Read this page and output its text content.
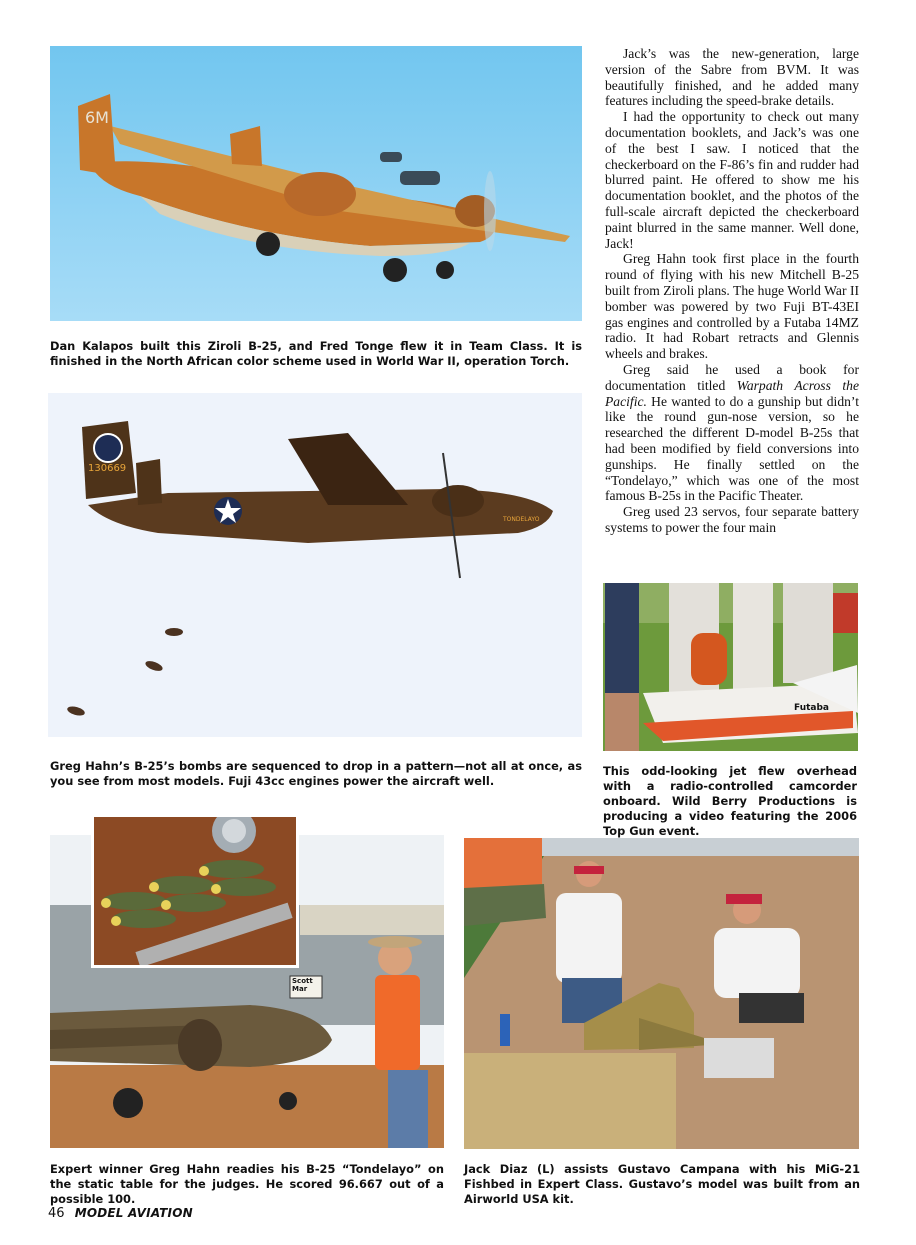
6M

Dan Kalapos built this Ziroli B-25, and Fred Tonge flew it in Team Class. It is finished in the North African color scheme used in World War II, operation Torch.

130669
TONDELAYO

Greg Hahn’s B-25’s bombs are sequenced to drop in a pattern—not all at once, as you see from most models. Fuji 43cc engines power the aircraft well.

Jack’s was the new-generation, large version of the Sabre from BVM. It was beautifully finished, and he added many features including the speed-brake details.

I had the opportunity to check out many documentation booklets, and Jack’s was one of the best I saw. I noticed that the checkerboard on the F-86’s fin and rudder had blurred paint. He offered to show me his documentation booklet, and the photos of the full-scale aircraft depicted the checkerboard paint blurred in the same manner. Well done, Jack!

Greg Hahn took first place in the fourth round of flying with his new Mitchell B-25 built from Ziroli plans. The huge World War II bomber was powered by two Fuji BT-43EI gas engines and controlled by a Futaba 14MZ radio. It had Robart retracts and Glennis wheels and brakes.

Greg said he used a book for documentation titled Warpath Across the Pacific. He wanted to do a gunship but didn’t like the round gun-nose version, so he researched the different D-model B-25s that had been modified by field conversions into gunships. He finally settled on the “Tondelayo,” which was one of the most famous B-25s in the Pacific Theater.

Greg used 23 servos, four separate battery systems to power the four main

Futaba

This odd-looking jet flew overhead with a radio-controlled camcorder onboard. Wild Berry Productions is producing a video featuring the 2006 Top Gun event.

Scott Mar

Expert winner Greg Hahn readies his B-25 “Tondelayo” on the static table for the judges. He scored 96.667 out of a possible 100.

Jack Diaz (L) assists Gustavo Campana with his MiG-21 Fishbed in Expert Class. Gustavo’s model was built from an Airworld USA kit.

46 MODEL AVIATION
